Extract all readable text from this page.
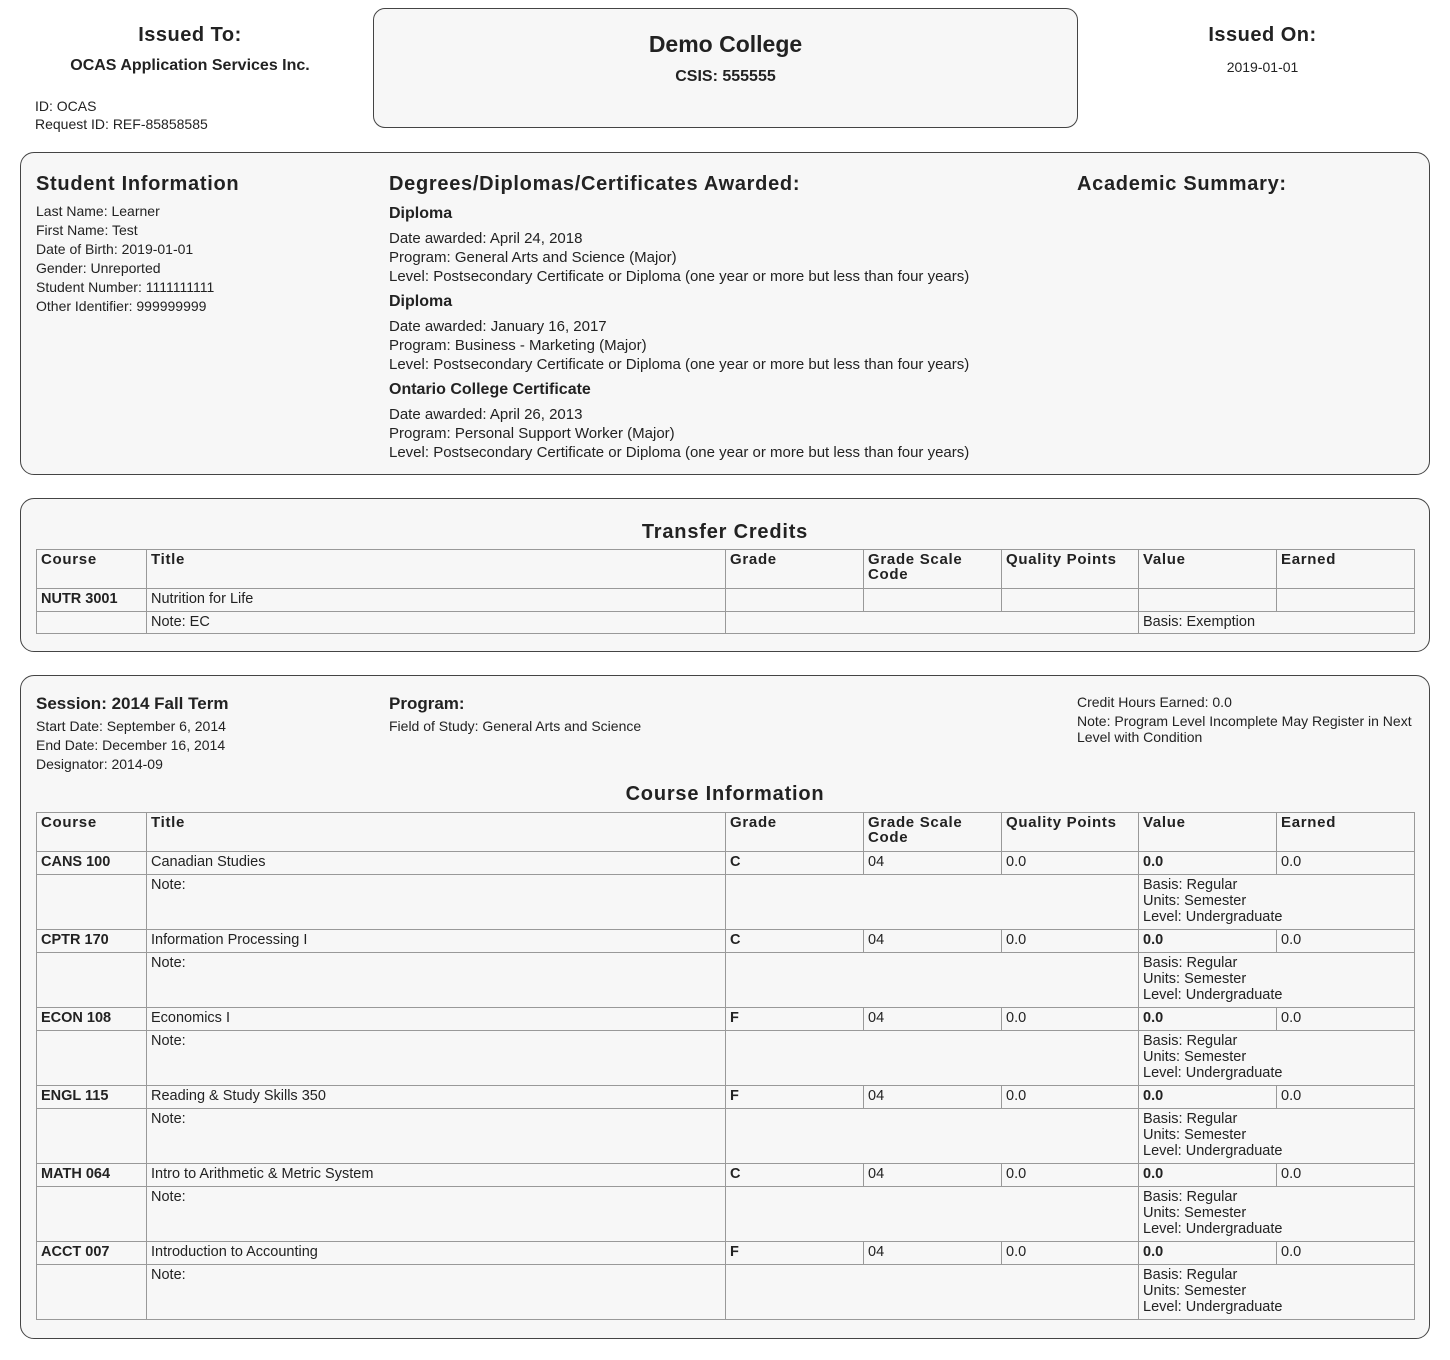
Issued To:
OCAS Application Services Inc.
ID: OCAS
Request ID: REF-85858585
Demo College
CSIS: 555555
Issued On:
2019-01-01
Student Information
Last Name: Learner
First Name: Test
Date of Birth: 2019-01-01
Gender: Unreported
Student Number: 1111111111
Other Identifier: 999999999
Degrees/Diplomas/Certificates Awarded:
Diploma
Date awarded: April 24, 2018
Program: General Arts and Science (Major)
Level: Postsecondary Certificate or Diploma (one year or more but less than four years)
Diploma
Date awarded: January 16, 2017
Program: Business - Marketing (Major)
Level: Postsecondary Certificate or Diploma (one year or more but less than four years)
Ontario College Certificate
Date awarded: April 26, 2013
Program: Personal Support Worker (Major)
Level: Postsecondary Certificate or Diploma (one year or more but less than four years)
Academic Summary:
Transfer Credits
Course	Title	Grade	Grade Scale Code	Quality Points	Value	Earned
NUTR 3001	Nutrition for Life					
	Note: EC				Basis: Exemption	
Session: 2014 Fall Term
Start Date: September 6, 2014
End Date: December 16, 2014
Designator: 2014-09
Program:
Field of Study: General Arts and Science
Credit Hours Earned: 0.0
Note: Program Level Incomplete May Register in Next Level with Condition
Course Information
Course	Title	Grade	Grade Scale Code	Quality Points	Value	Earned
CANS 100	Canadian Studies	C	04	0.0	0.0	0.0
	Note:				Basis: Regular
Units: Semester
Level: Undergraduate	

CPTR 170	Information Processing I	C	04	0.0	0.0	0.0
	Note:				Basis: Regular
Units: Semester
Level: Undergraduate	

ECON 108	Economics I	F	04	0.0	0.0	0.0
	Note:				Basis: Regular
Units: Semester
Level: Undergraduate	

ENGL 115	Reading & Study Skills 350	F	04	0.0	0.0	0.0
	Note:				Basis: Regular
Units: Semester
Level: Undergraduate	

MATH 064	Intro to Arithmetic & Metric System	C	04	0.0	0.0	0.0
	Note:				Basis: Regular
Units: Semester
Level: Undergraduate	

ACCT 007	Introduction to Accounting	F	04	0.0	0.0	0.0
	Note:				Basis: Regular
Units: Semester
Level: Undergraduate	
